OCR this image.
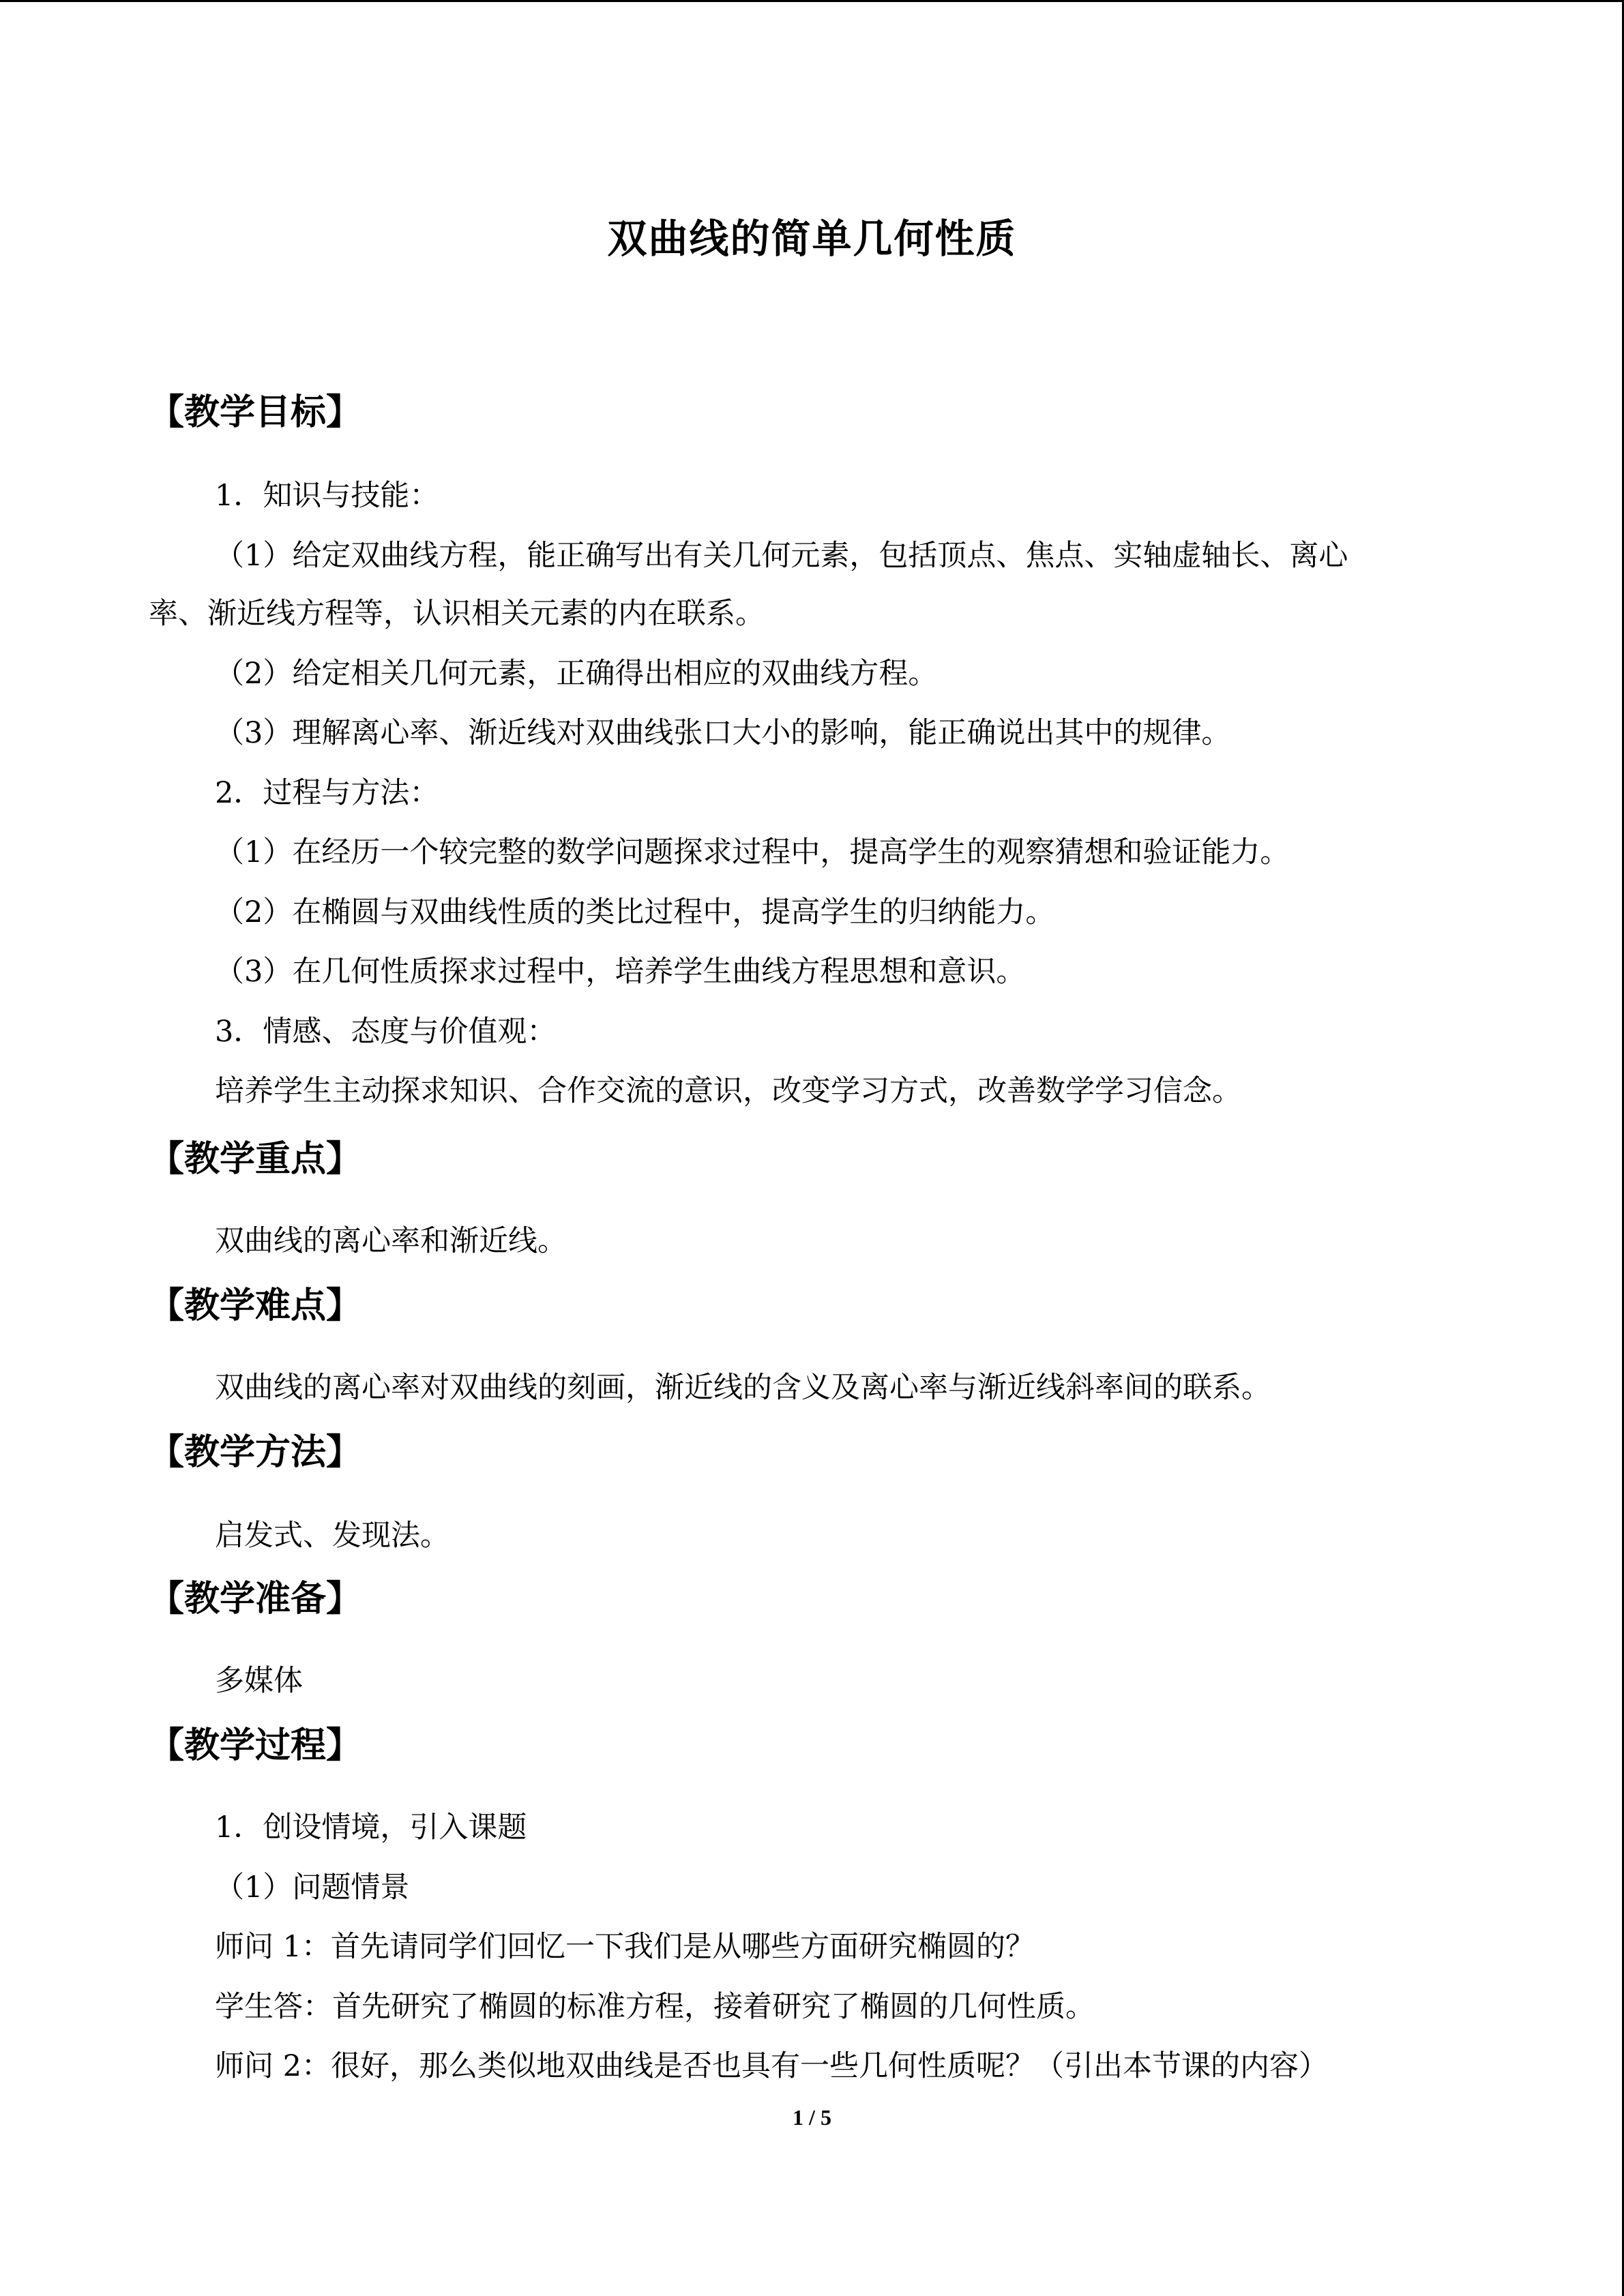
双曲线的简单几何性质
【教学目标】
1．知识与技能：
（1）给定双曲线方程，能正确写出有关几何元素，包括顶点、焦点、实轴虚轴长、离心
率、渐近线方程等，认识相关元素的内在联系。
（2）给定相关几何元素，正确得出相应的双曲线方程。
（3）理解离心率、渐近线对双曲线张口大小的影响，能正确说出其中的规律。
2．过程与方法：
（1）在经历一个较完整的数学问题探求过程中，提高学生的观察猜想和验证能力。
（2）在椭圆与双曲线性质的类比过程中，提高学生的归纳能力。
（3）在几何性质探求过程中，培养学生曲线方程思想和意识。
3．情感、态度与价值观：
培养学生主动探求知识、合作交流的意识，改变学习方式，改善数学学习信念。
【教学重点】
双曲线的离心率和渐近线。
【教学难点】
双曲线的离心率对双曲线的刻画，渐近线的含义及离心率与渐近线斜率间的联系。
【教学方法】
启发式、发现法。
【教学准备】
多媒体
【教学过程】
1．创设情境，引入课题
（1）问题情景
师问 1：首先请同学们回忆一下我们是从哪些方面研究椭圆的？
学生答：首先研究了椭圆的标准方程，接着研究了椭圆的几何性质。
师问 2：很好，那么类似地双曲线是否也具有一些几何性质呢？（引出本节课的内容）
1 / 5
